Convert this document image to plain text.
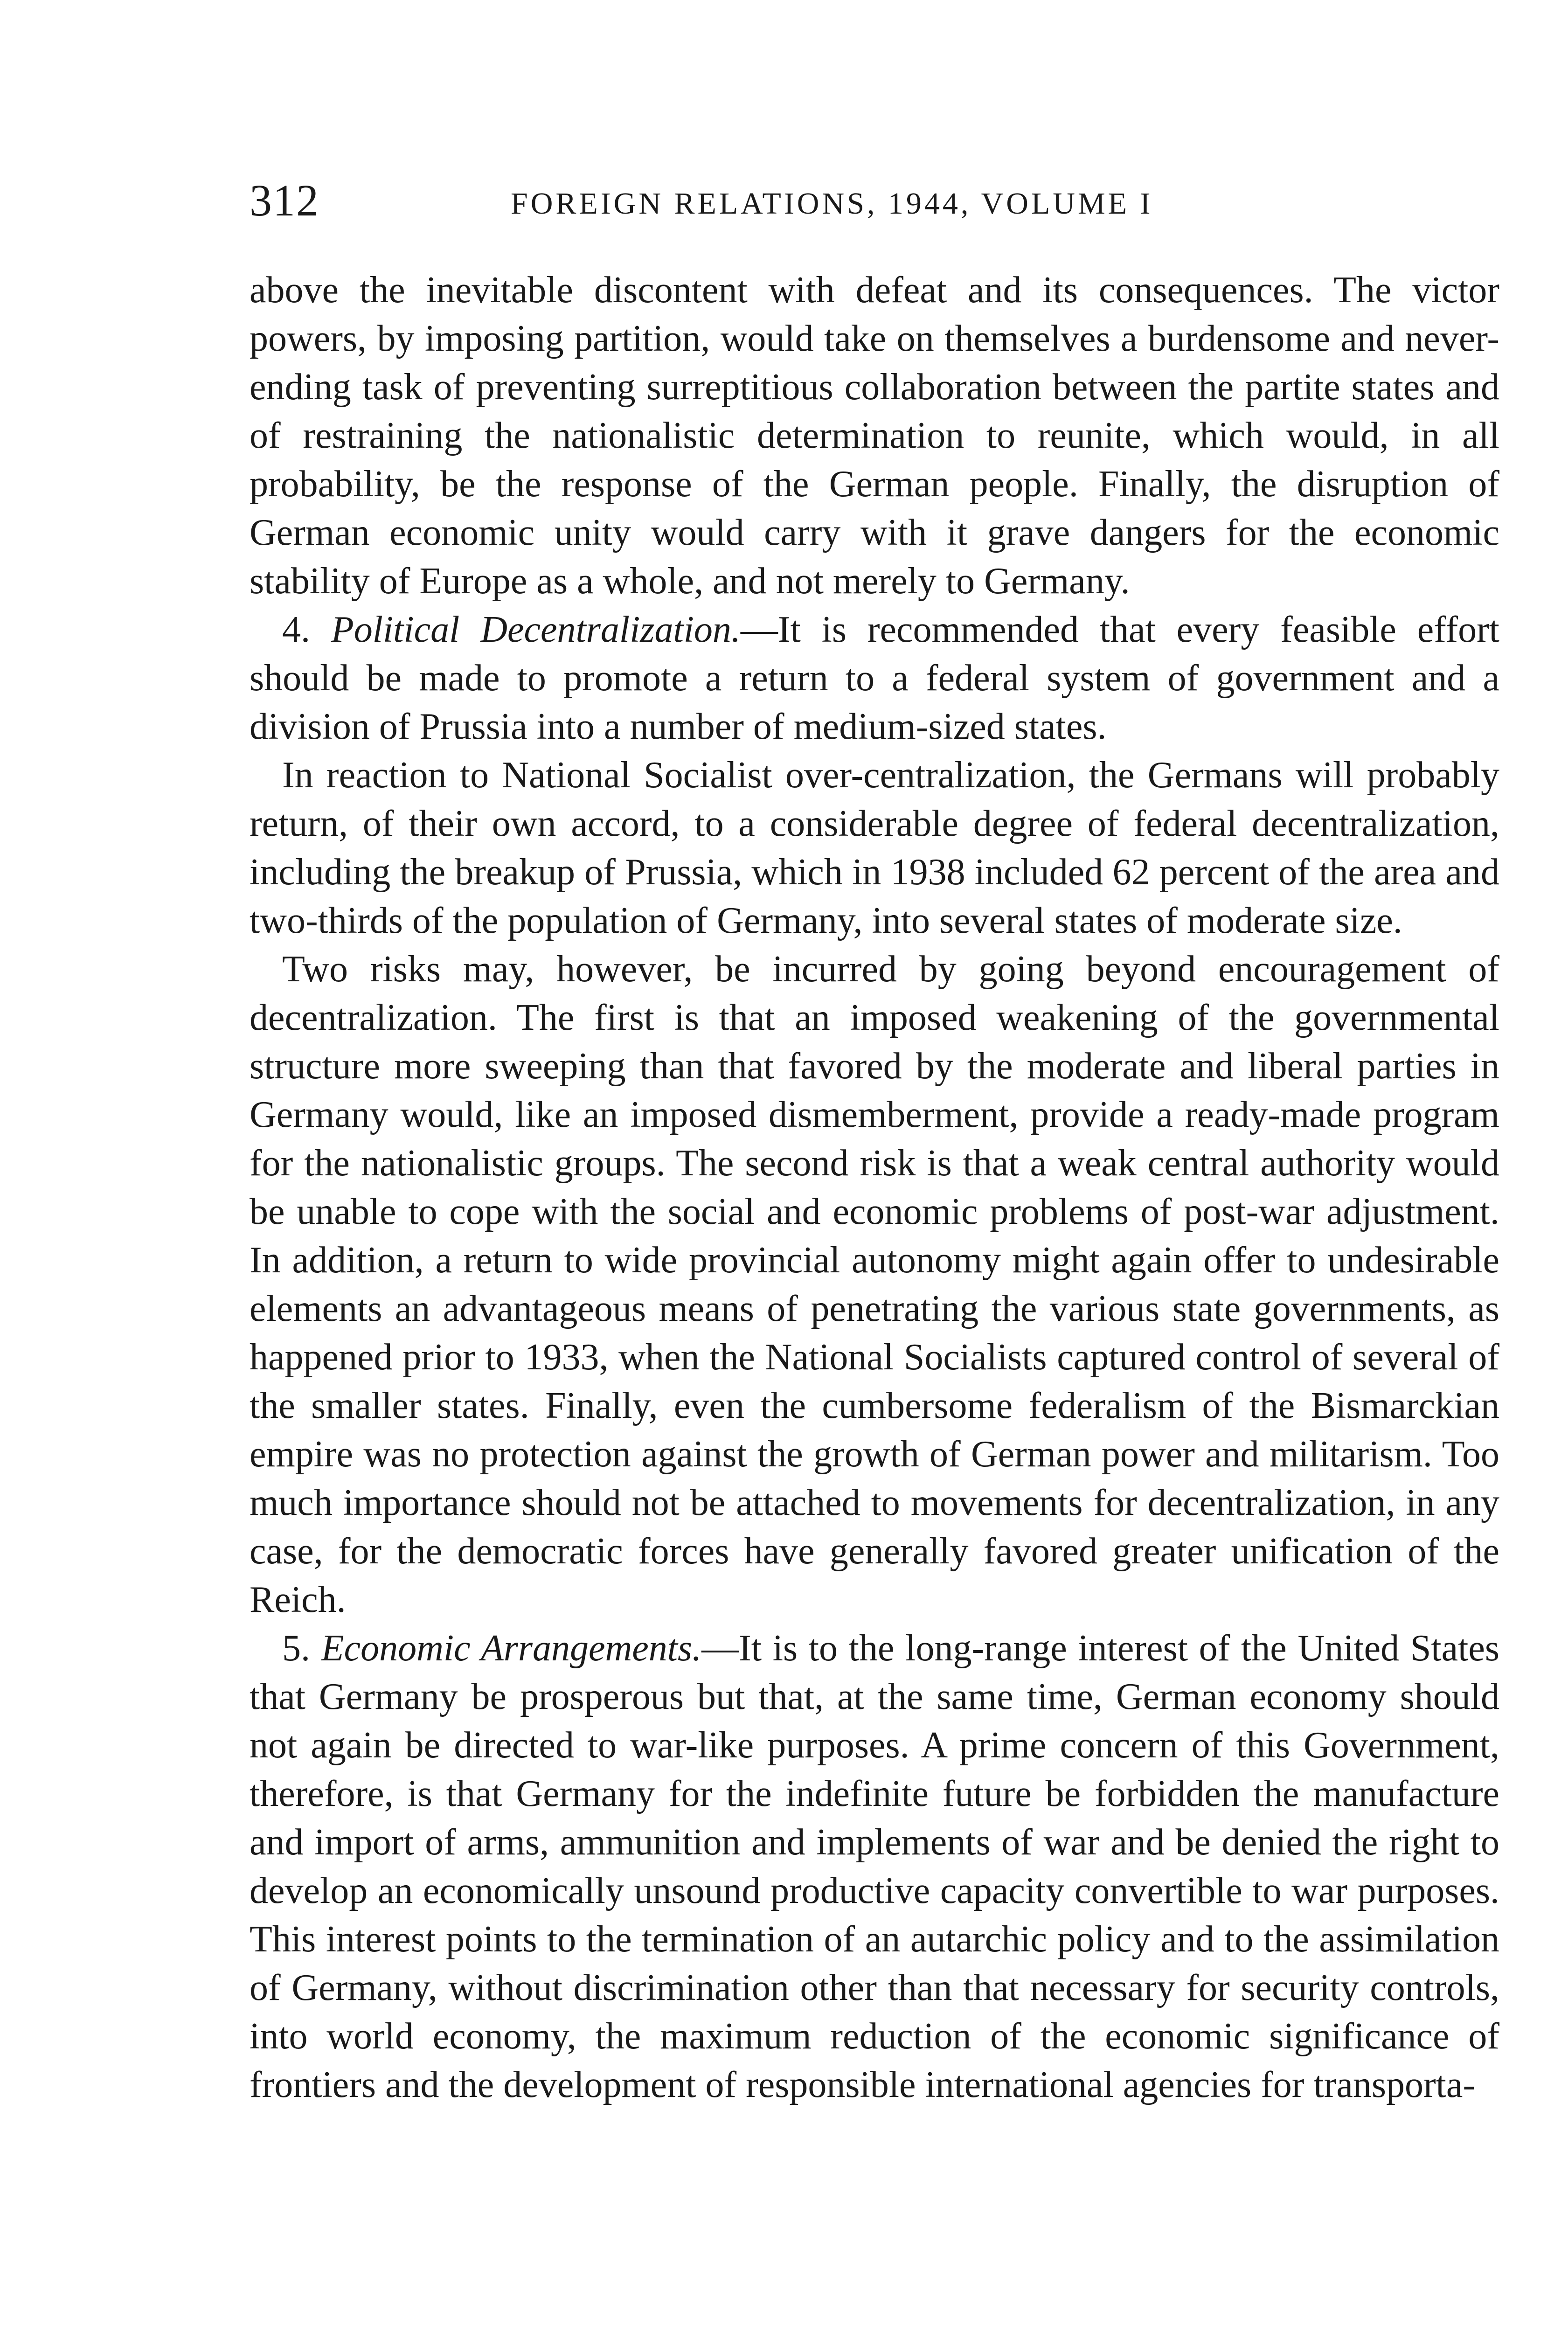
312	FOREIGN RELATIONS, 1944, VOLUME I

above the inevitable discontent with defeat and its consequences. The victor powers, by imposing partition, would take on themselves a burdensome and never-ending task of preventing surreptitious collaboration between the partite states and of restraining the nationalistic determination to reunite, which would, in all probability, be the response of the German people. Finally, the disruption of German economic unity would carry with it grave dangers for the economic stability of Europe as a whole, and not merely to Germany.

4. Political Decentralization.—It is recommended that every feasible effort should be made to promote a return to a federal system of government and a division of Prussia into a number of medium-sized states.

In reaction to National Socialist over-centralization, the Germans will probably return, of their own accord, to a considerable degree of federal decentralization, including the breakup of Prussia, which in 1938 included 62 percent of the area and two-thirds of the population of Germany, into several states of moderate size.

Two risks may, however, be incurred by going beyond encouragement of decentralization. The first is that an imposed weakening of the governmental structure more sweeping than that favored by the moderate and liberal parties in Germany would, like an imposed dismemberment, provide a ready-made program for the nationalistic groups. The second risk is that a weak central authority would be unable to cope with the social and economic problems of post-war adjustment. In addition, a return to wide provincial autonomy might again offer to undesirable elements an advantageous means of penetrating the various state governments, as happened prior to 1933, when the National Socialists captured control of several of the smaller states. Finally, even the cumbersome federalism of the Bismarckian empire was no protection against the growth of German power and militarism. Too much importance should not be attached to movements for decentralization, in any case, for the democratic forces have generally favored greater unification of the Reich.

5. Economic Arrangements.—It is to the long-range interest of the United States that Germany be prosperous but that, at the same time, German economy should not again be directed to war-like purposes. A prime concern of this Government, therefore, is that Germany for the indefinite future be forbidden the manufacture and import of arms, ammunition and implements of war and be denied the right to develop an economically unsound productive capacity convertible to war purposes. This interest points to the termination of an autarchic policy and to the assimilation of Germany, without discrimination other than that necessary for security controls, into world economy, the maximum reduction of the economic significance of frontiers and the development of responsible international agencies for transporta-
